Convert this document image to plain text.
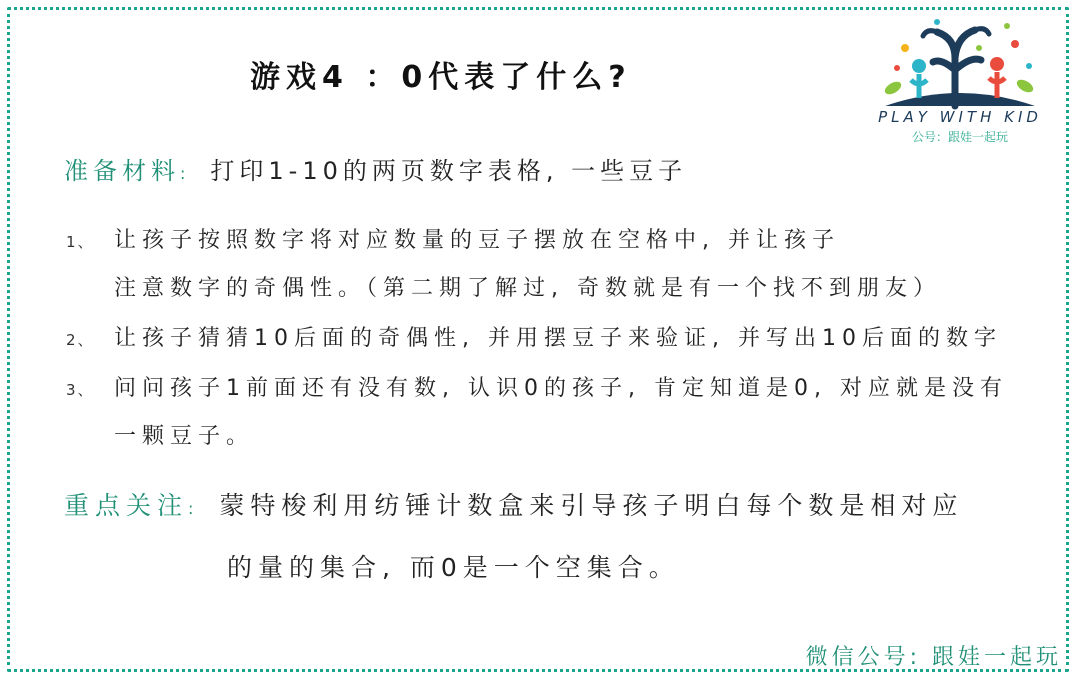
游戏4 ：0代表了什么?
PLAY WITH KID
公号：跟娃一起玩
准备材料: 打印1-10的两页数字表格, 一些豆子
1、 让孩子按照数字将对应数量的豆子摆放在空格中, 并让孩子
注意数字的奇偶性。（第二期了解过, 奇数就是有一个找不到朋友）
2、 让孩子猜猜10后面的奇偶性, 并用摆豆子来验证, 并写出10后面的数字
3、 问问孩子1前面还有没有数, 认识0的孩子, 肯定知道是0, 对应就是没有
一颗豆子。
重点关注: 蒙特梭利用纺锤计数盒来引导孩子明白每个数是相对应
的量的集合, 而0是一个空集合。
微信公号: 跟娃一起玩
